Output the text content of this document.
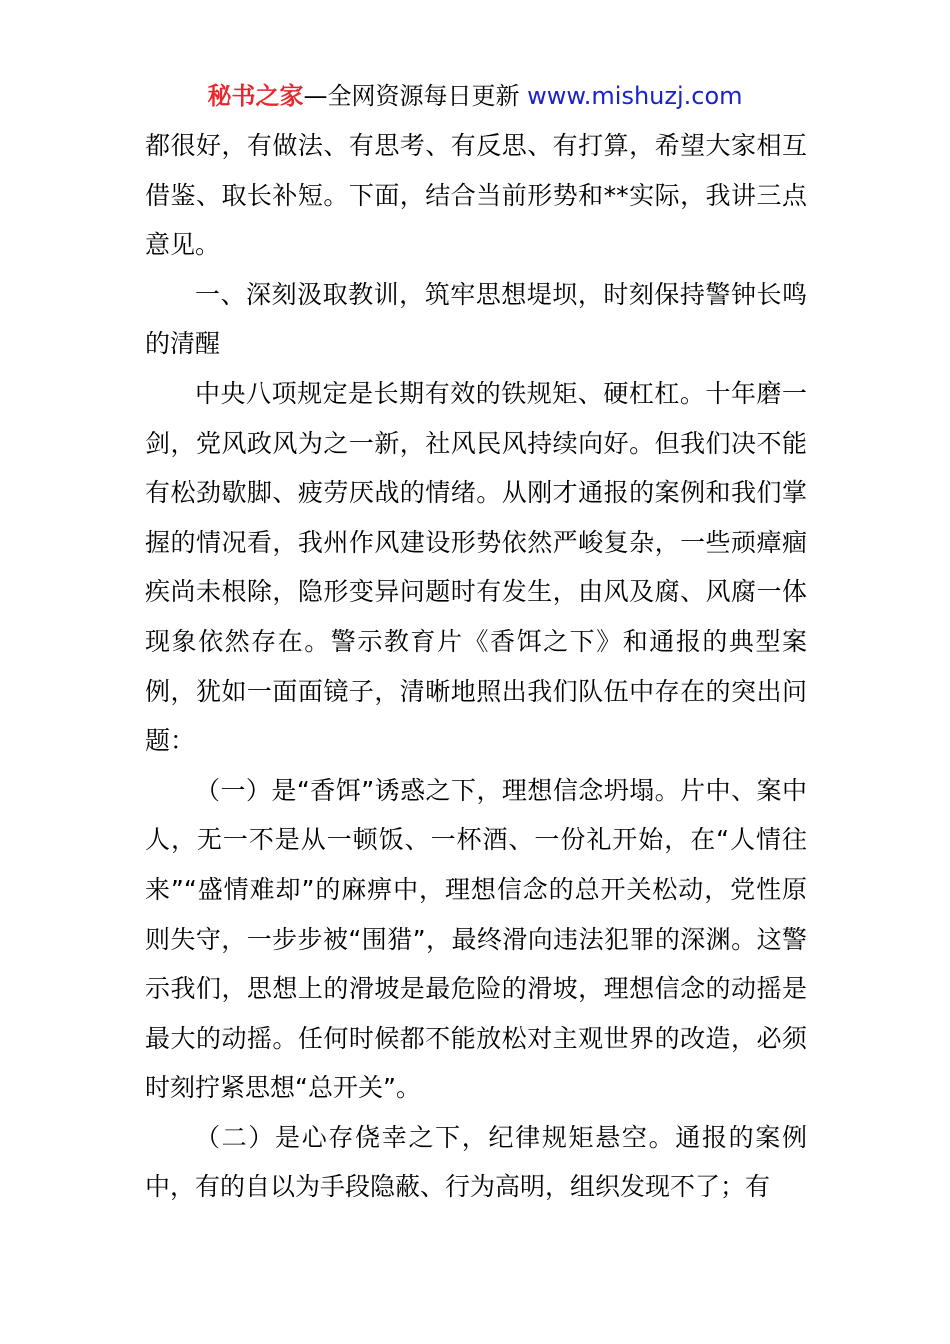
秘书之家—全网资源每日更新 www.mishuzj.com

都很好，有做法、有思考、有反思、有打算，希望大家相互借鉴、取长补短。下面，结合当前形势和**实际，我讲三点意见。

一、深刻汲取教训，筑牢思想堤坝，时刻保持警钟长鸣的清醒

中央八项规定是长期有效的铁规矩、硬杠杠。十年磨一剑，党风政风为之一新，社风民风持续向好。但我们决不能有松劲歇脚、疲劳厌战的情绪。从刚才通报的案例和我们掌握的情况看，我州作风建设形势依然严峻复杂，一些顽瘴痼疾尚未根除，隐形变异问题时有发生，由风及腐、风腐一体现象依然存在。警示教育片《香饵之下》和通报的典型案例，犹如一面面镜子，清晰地照出我们队伍中存在的突出问题：

（一）是“香饵”诱惑之下，理想信念坍塌。片中、案中人，无一不是从一顿饭、一杯酒、一份礼开始，在“人情往来”“盛情难却”的麻痹中，理想信念的总开关松动，党性原则失守，一步步被“围猎”，最终滑向违法犯罪的深渊。这警示我们，思想上的滑坡是最危险的滑坡，理想信念的动摇是最大的动摇。任何时候都不能放松对主观世界的改造，必须时刻拧紧思想“总开关”。

（二）是心存侥幸之下，纪律规矩悬空。通报的案例中，有的自以为手段隐蔽、行为高明，组织发现不了；有
